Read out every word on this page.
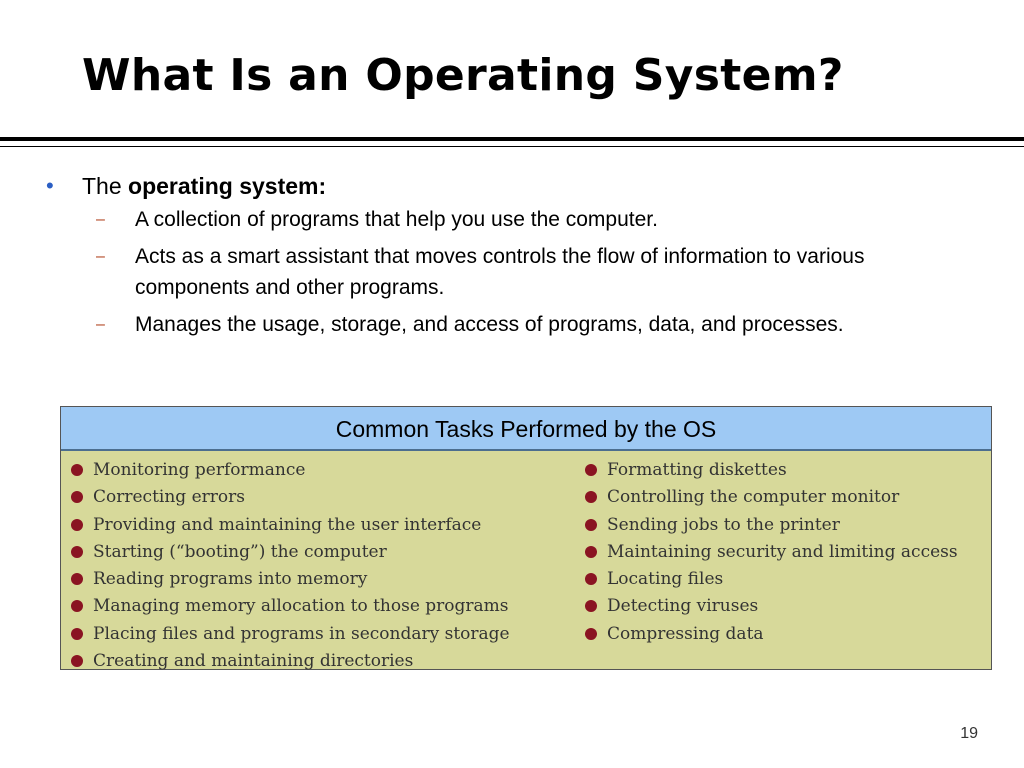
What Is an Operating System?
• The operating system:
– A collection of programs that help you use the computer.
– Acts as a smart assistant that moves controls the flow of information to various components and other programs.
– Manages the usage, storage, and access of programs, data, and processes.
Common Tasks Performed by the OS
Monitoring performance
Correcting errors
Providing and maintaining the user interface
Starting (“booting”) the computer
Reading programs into memory
Managing memory allocation to those programs
Placing files and programs in secondary storage
Creating and maintaining directories
Formatting diskettes
Controlling the computer monitor
Sending jobs to the printer
Maintaining security and limiting access
Locating files
Detecting viruses
Compressing data
19
